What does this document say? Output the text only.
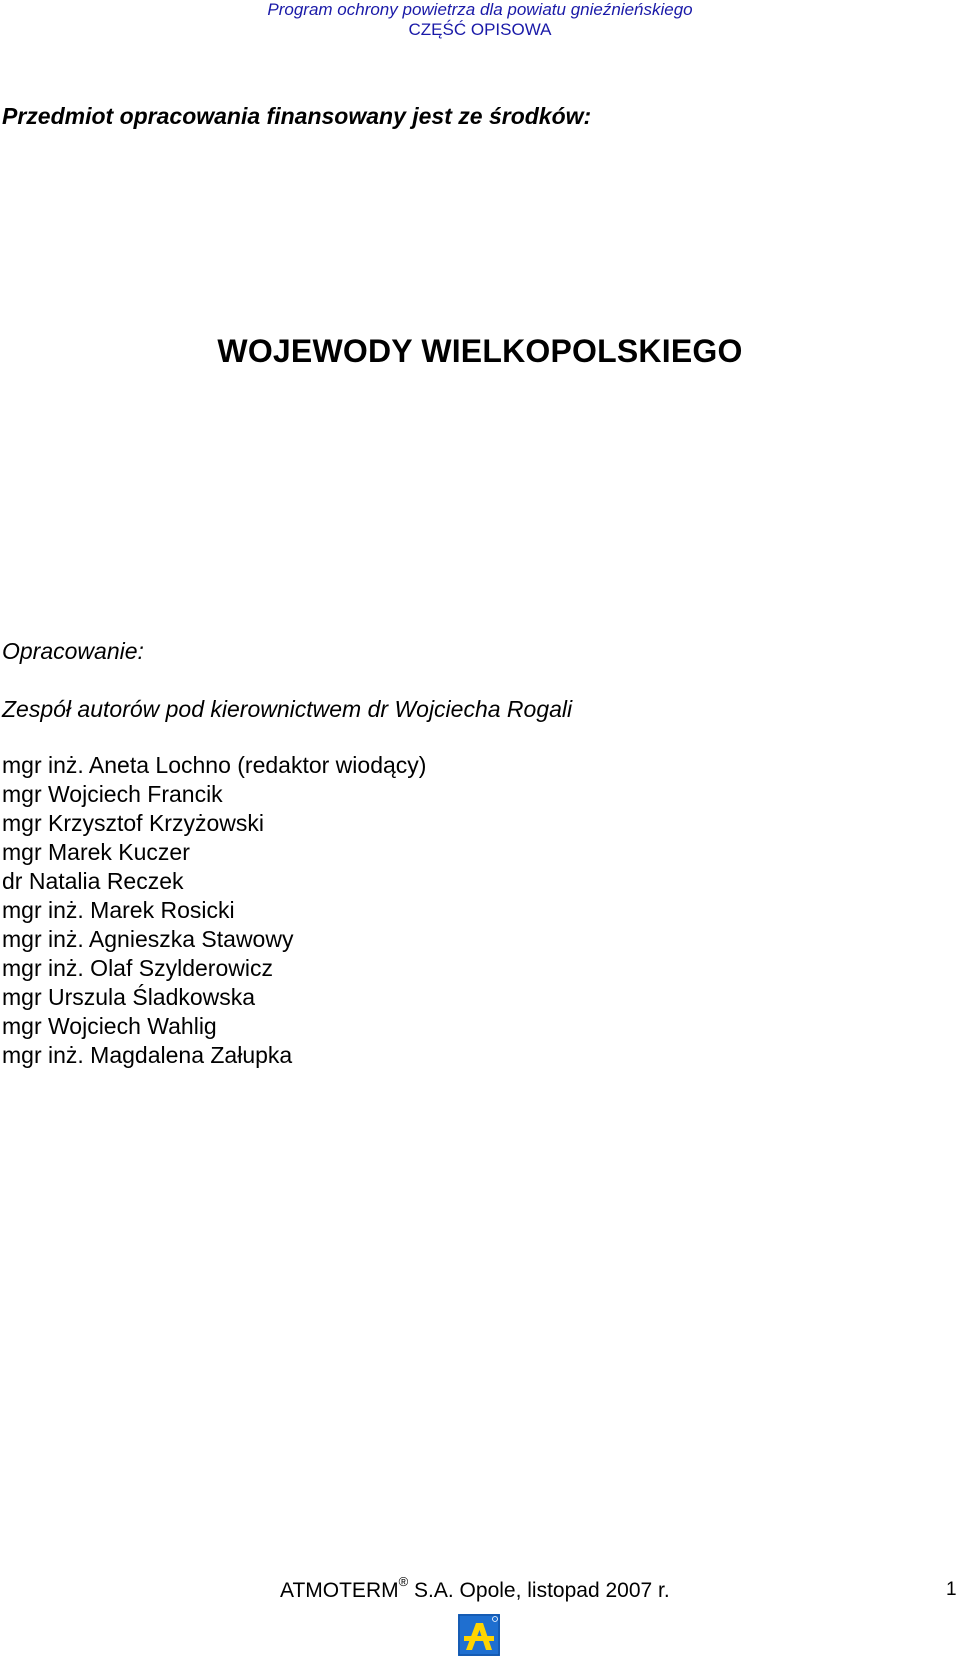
Program ochrony powietrza dla powiatu gnieźnieńskiego
CZĘŚĆ OPISOWA
Przedmiot opracowania finansowany jest ze środków:
WOJEWODY WIELKOPOLSKIEGO
Opracowanie:
Zespół autorów pod kierownictwem dr Wojciecha Rogali
mgr inż. Aneta Lochno (redaktor wiodący)
mgr Wojciech Francik
mgr Krzysztof Krzyżowski
mgr Marek Kuczer
dr Natalia Reczek
mgr inż. Marek Rosicki
mgr inż. Agnieszka Stawowy
mgr inż. Olaf Szylderowicz
mgr Urszula Śladkowska
mgr Wojciech Wahlig
mgr inż. Magdalena Załupka
ATMOTERM® S.A. Opole, listopad 2007 r.	1
